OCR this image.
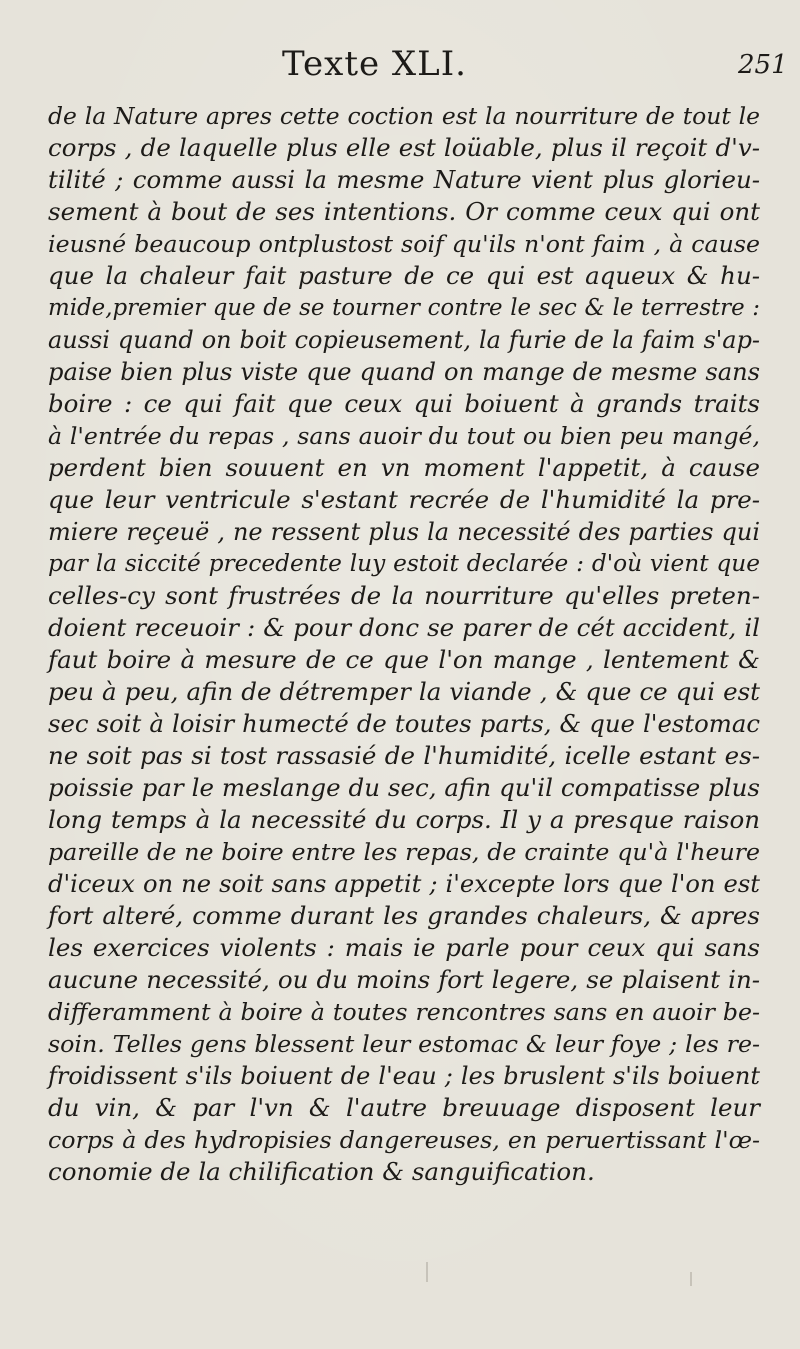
Texte XLI.	251
de la Nature apres cette coction est la nourriture de tout le
corps , de laquelle plus elle est loüable, plus il reçoit d'v-
tilité ; comme aussi la mesme Nature vient plus glorieu-
sement à bout de ses intentions. Or comme ceux qui ont
ieusné beaucoup ontplustost soif qu'ils n'ont faim , à cause
que la chaleur fait pasture de ce qui est aqueux & hu-
mide,premier que de se tourner contre le sec & le terrestre :
aussi quand on boit copieusement, la furie de la faim s'ap-
paise bien plus viste que quand on mange de mesme sans
boire : ce qui fait que ceux qui boiuent à grands traits
à l'entrée du repas , sans auoir du tout ou bien peu mangé,
perdent bien souuent en vn moment l'appetit, à cause
que leur ventricule s'estant recrée de l'humidité la pre-
miere reçeuë , ne ressent plus la necessité des parties qui
par la siccité precedente luy estoit declarée : d'où vient que
celles-cy sont frustrées de la nourriture qu'elles preten-
doient receuoir : & pour donc se parer de cét accident, il
faut boire à mesure de ce que l'on mange , lentement &
peu à peu, afin de détremper la viande , & que ce qui est
sec soit à loisir humecté de toutes parts, & que l'estomac
ne soit pas si tost rassasié de l'humidité, icelle estant es-
poissie par le meslange du sec, afin qu'il compatisse plus
long temps à la necessité du corps. Il y a presque raison
pareille de ne boire entre les repas, de crainte qu'à l'heure
d'iceux on ne soit sans appetit ; i'excepte lors que l'on est
fort alteré, comme durant les grandes chaleurs, & apres
les exercices violents : mais ie parle pour ceux qui sans
aucune necessité, ou du moins fort legere, se plaisent in-
differamment à boire à toutes rencontres sans en auoir be-
soin. Telles gens blessent leur estomac & leur foye ; les re-
froidissent s'ils boiuent de l'eau ; les bruslent s'ils boiuent
du vin, & par l'vn & l'autre breuuage disposent leur
corps à des hydropisies dangereuses, en peruertissant l'œ-
conomie de la chilification & sanguification.
